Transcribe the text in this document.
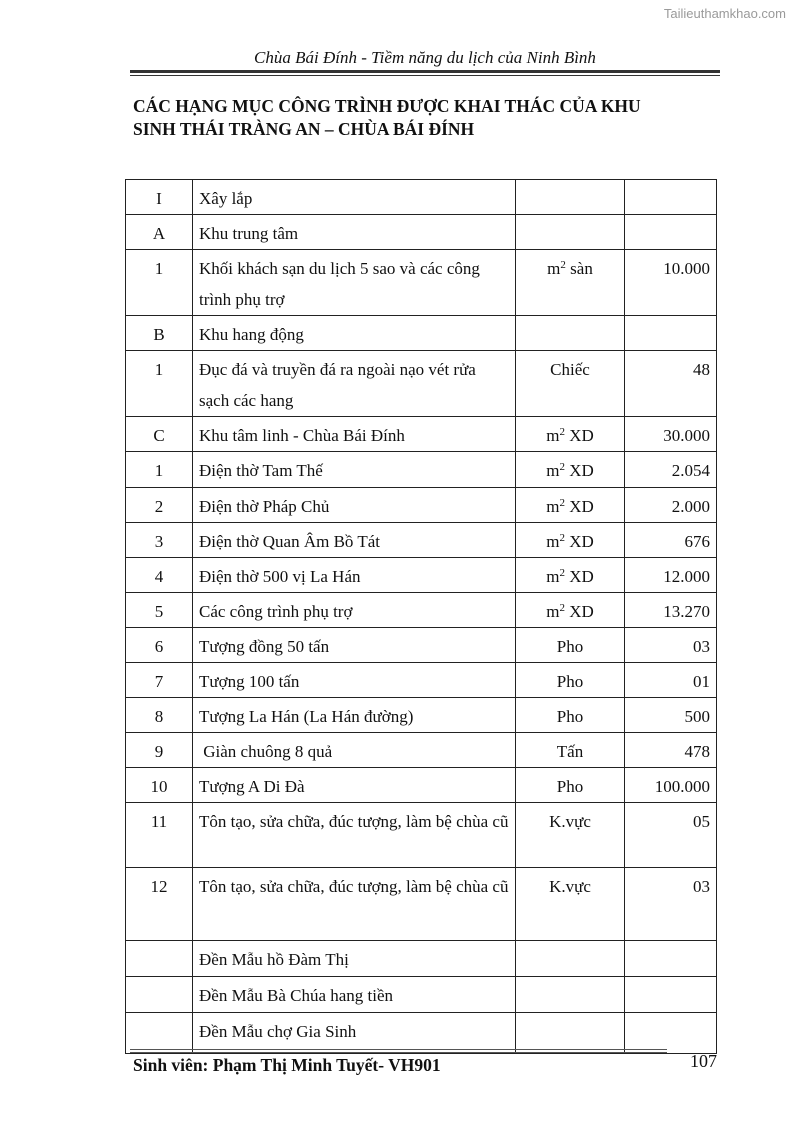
Tailieuthamkhao.com
Chùa Bái Đính - Tiềm năng du lịch của Ninh Bình
CÁC HẠNG MỤC CÔNG TRÌNH ĐƯỢC KHAI THÁC CỦA KHU
SINH THÁI TRÀNG AN – CHÙA BÁI ĐÍNH
I	Xây lắp		
A	Khu trung tâm		
1	Khối khách sạn du lịch 5 sao và các công trình phụ trợ	$m^2$ sàn	10.000
B	Khu hang động		
1	Đục đá và truyền đá ra ngoài nạo vét rửa sạch các hang	Chiếc	48
C	Khu tâm linh - Chùa Bái Đính	$m^2$ XD	30.000
1	Điện thờ Tam Thế	$m^2$ XD	2.054
2	Điện thờ Pháp Chủ	$m^2$ XD	2.000
3	Điện thờ Quan Âm Bồ Tát	$m^2$ XD	676
4	Điện thờ 500 vị La Hán	$m^2$ XD	12.000
5	Các công trình phụ trợ	$m^2$ XD	13.270
6	Tượng đồng 50 tấn	Pho	03
7	Tượng 100 tấn	Pho	01
8	Tượng La Hán (La Hán đường)	Pho	500
9	Giàn chuông 8 quả	Tấn	478
10	Tượng A Di Đà	Pho	100.000
11	Tôn tạo, sửa chữa, đúc tượng, làm bệ chùa cũ	K.vực	05
12	Tôn tạo, sửa chữa, đúc tượng, làm bệ chùa cũ	K.vực	03
	Đền Mẫu hồ Đàm Thị		
	Đền Mẫu Bà Chúa hang tiền		
	Đền Mẫu chợ Gia Sinh		
Sinh viên: Phạm Thị Minh Tuyết- VH901	107
